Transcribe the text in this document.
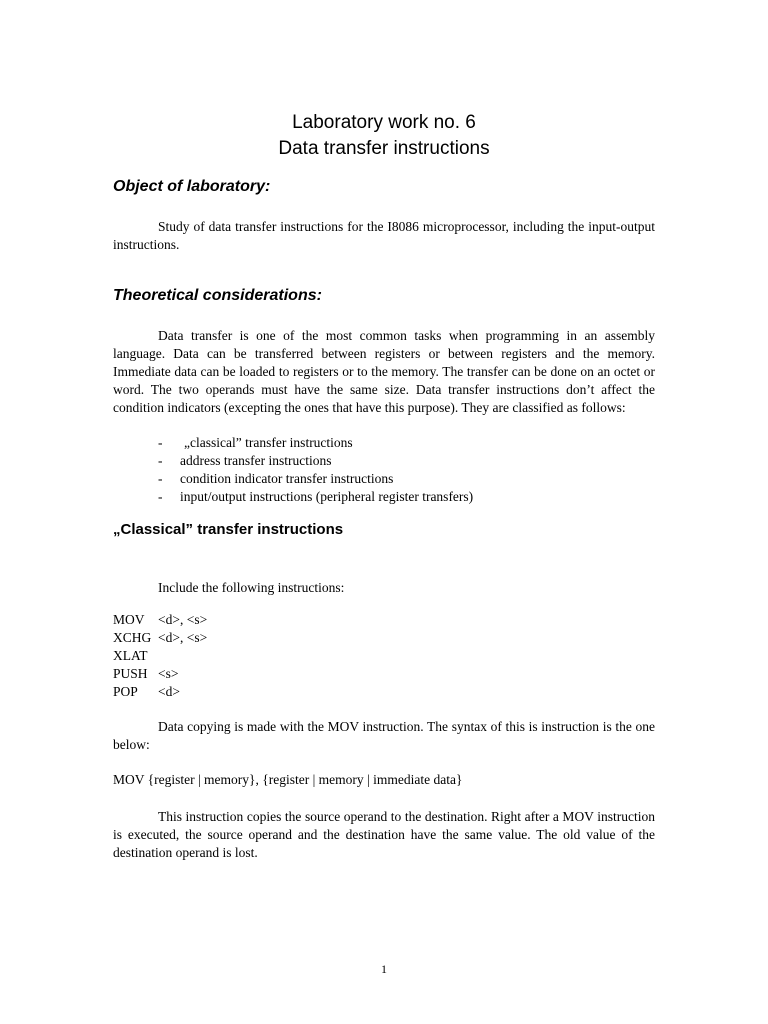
Laboratory work no. 6
Data transfer instructions
Object of laboratory:

Study of data transfer instructions for the I8086 microprocessor, including the input-output instructions.

Theoretical considerations:

Data transfer is one of the most common tasks when programming in an assembly language. Data can be transferred between registers or between registers and the memory. Immediate data can be loaded to registers or to the memory. The transfer can be done on an octet or word. The two operands must have the same size. Data transfer instructions don’t affect the condition indicators (excepting the ones that have this purpose). They are classified as follows:

-	„classical” transfer instructions
-	address transfer instructions
-	condition indicator transfer instructions
-	input/output instructions (peripheral register transfers)
„Classical” transfer instructions

Include the following instructions:

MOV <d>, <s>
XCHG <d>, <s>
XLAT
PUSH <s>
POP	<d>

Data copying is made with the MOV instruction. The syntax of this is instruction is the one below:

MOV {register | memory}, {register | memory | immediate data}

This instruction copies the source operand to the destination. Right after a MOV instruction is executed, the source operand and the destination have the same value. The old value of the destination operand is lost.

1
